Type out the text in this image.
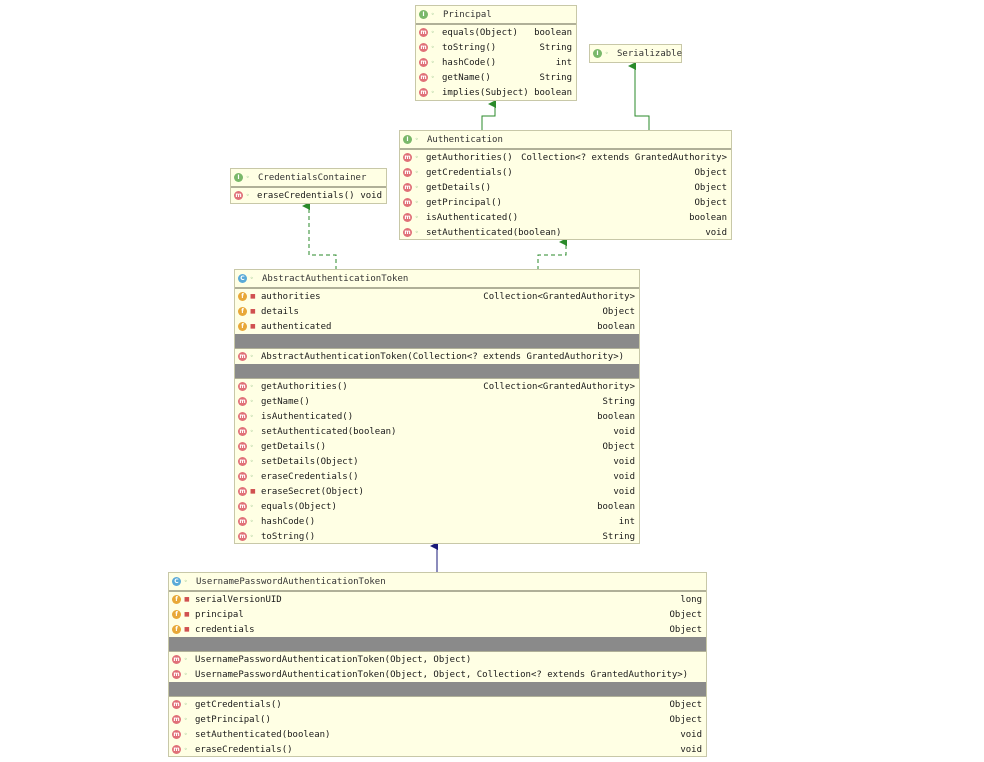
I	◦ Principal
m ◦ equals(Object)	boolean
m ◦ toString()	String
m ◦ hashCode()	int
m ◦ getName()	String
m ◦ implies(Subject) boolean
I	◦ Serializable
I	◦ Authentication
m ◦ getAuthorities() Collection<? extends GrantedAuthority>
m ◦ getCredentials()	Object
m ◦ getDetails()	Object
m ◦ getPrincipal()	Object
m ◦ isAuthenticated()	boolean
m ◦ setAuthenticated(boolean)	void
I	◦ CredentialsContainer
m ◦ eraseCredentials() void
C ◦ AbstractAuthenticationToken
f	■ authorities	Collection<GrantedAuthority>
f	■ details	Object
f	■ authenticated	boolean
m ◦ AbstractAuthenticationToken(Collection<? extends GrantedAuthority>)
m ◦ getAuthorities()	Collection<GrantedAuthority>
m ◦ getName()	String
m ◦ isAuthenticated()	boolean
m ◦ setAuthenticated(boolean)	void
m ◦ getDetails()	Object
m ◦ setDetails(Object)	void
m ◦ eraseCredentials()	void
m ■ eraseSecret(Object)	void
m ◦ equals(Object)	boolean
m ◦ hashCode()	int
m ◦ toString()	String
C ◦ UsernamePasswordAuthenticationToken
f	■ serialVersionUID	long
f	■ principal	Object
f	■ credentials	Object
m ◦ UsernamePasswordAuthenticationToken(Object, Object)
m ◦ UsernamePasswordAuthenticationToken(Object, Object, Collection<? extends GrantedAuthority>)
m ◦ getCredentials()	Object
m ◦ getPrincipal()	Object
m ◦ setAuthenticated(boolean)	void
m ◦ eraseCredentials()	void
